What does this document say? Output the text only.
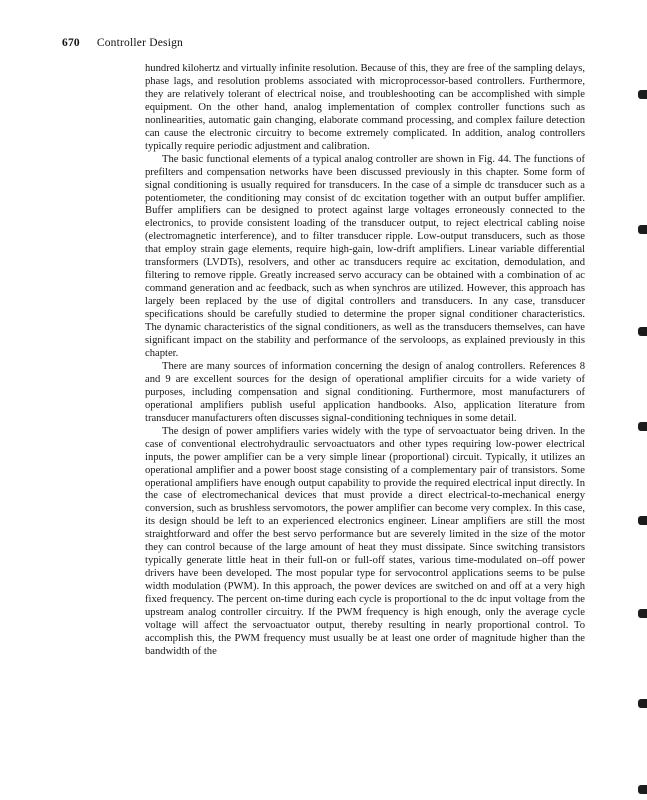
670 Controller Design

hundred kilohertz and virtually infinite resolution. Because of this, they are free of the sampling delays, phase lags, and resolution problems associated with microprocessor-based controllers. Furthermore, they are relatively tolerant of electrical noise, and troubleshooting can be accomplished with simple equipment. On the other hand, analog implementation of complex controller functions such as nonlinearities, automatic gain changing, elaborate command processing, and complex failure detection can cause the electronic circuitry to become extremely complicated. In addition, analog controllers typically require periodic adjustment and calibration.

The basic functional elements of a typical analog controller are shown in Fig. 44. The functions of prefilters and compensation networks have been discussed previously in this chapter. Some form of signal conditioning is usually required for transducers. In the case of a simple dc transducer such as a potentiometer, the conditioning may consist of dc excitation together with an output buffer amplifier. Buffer amplifiers can be designed to protect against large voltages erroneously connected to the electronics, to provide consistent loading of the transducer output, to reject electrical cabling noise (electromagnetic interference), and to filter transducer ripple. Low-output transducers, such as those that employ strain gage elements, require high-gain, low-drift amplifiers. Linear variable differential transformers (LVDTs), resolvers, and other ac transducers require ac excitation, demodulation, and filtering to remove ripple. Greatly increased servo accuracy can be obtained with a combination of ac command generation and ac feedback, such as when synchros are utilized. However, this approach has largely been replaced by the use of digital controllers and transducers. In any case, transducer specifications should be carefully studied to determine the proper signal conditioner characteristics. The dynamic characteristics of the signal conditioners, as well as the transducers themselves, can have significant impact on the stability and performance of the servoloops, as explained previously in this chapter.

There are many sources of information concerning the design of analog controllers. References 8 and 9 are excellent sources for the design of operational amplifier circuits for a wide variety of purposes, including compensation and signal conditioning. Furthermore, most manufacturers of operational amplifiers publish useful application handbooks. Also, application literature from transducer manufacturers often discusses signal-conditioning techniques in some detail.

The design of power amplifiers varies widely with the type of servoactuator being driven. In the case of conventional electrohydraulic servoactuators and other types requiring low-power electrical inputs, the power amplifier can be a very simple linear (proportional) circuit. Typically, it utilizes an operational amplifier and a power boost stage consisting of a complementary pair of transistors. Some operational amplifiers have enough output capability to provide the required electrical input directly. In the case of electromechanical devices that must provide a direct electrical-to-mechanical energy conversion, such as brushless servomotors, the power amplifier can become very complex. In this case, its design should be left to an experienced electronics engineer. Linear amplifiers are still the most straightforward and offer the best servo performance but are severely limited in the size of the motor they can control because of the large amount of heat they must dissipate. Since switching transistors typically generate little heat in their full-on or full-off states, various time-modulated on–off power drivers have been developed. The most popular type for servocontrol applications seems to be pulse width modulation (PWM). In this approach, the power devices are switched on and off at a very high fixed frequency. The percent on-time during each cycle is proportional to the dc input voltage from the upstream analog controller circuitry. If the PWM frequency is high enough, only the average cycle voltage will affect the servoactuator output, thereby resulting in nearly proportional control. To accomplish this, the PWM frequency must usually be at least one order of magnitude higher than the bandwidth of the
